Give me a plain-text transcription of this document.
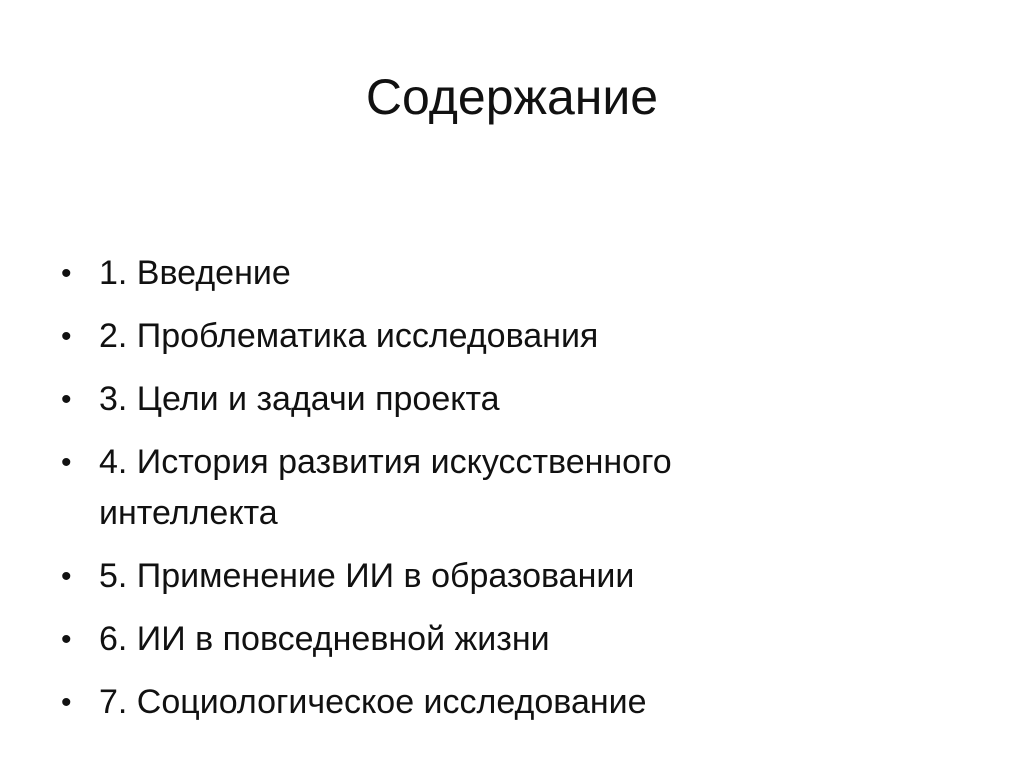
Содержание
• 1. Введение
• 2. Проблематика исследования
• 3. Цели и задачи проекта
• 4. История развития искусственного интеллекта
• 5. Применение ИИ в образовании
• 6. ИИ в повседневной жизни
• 7. Социологическое исследование
